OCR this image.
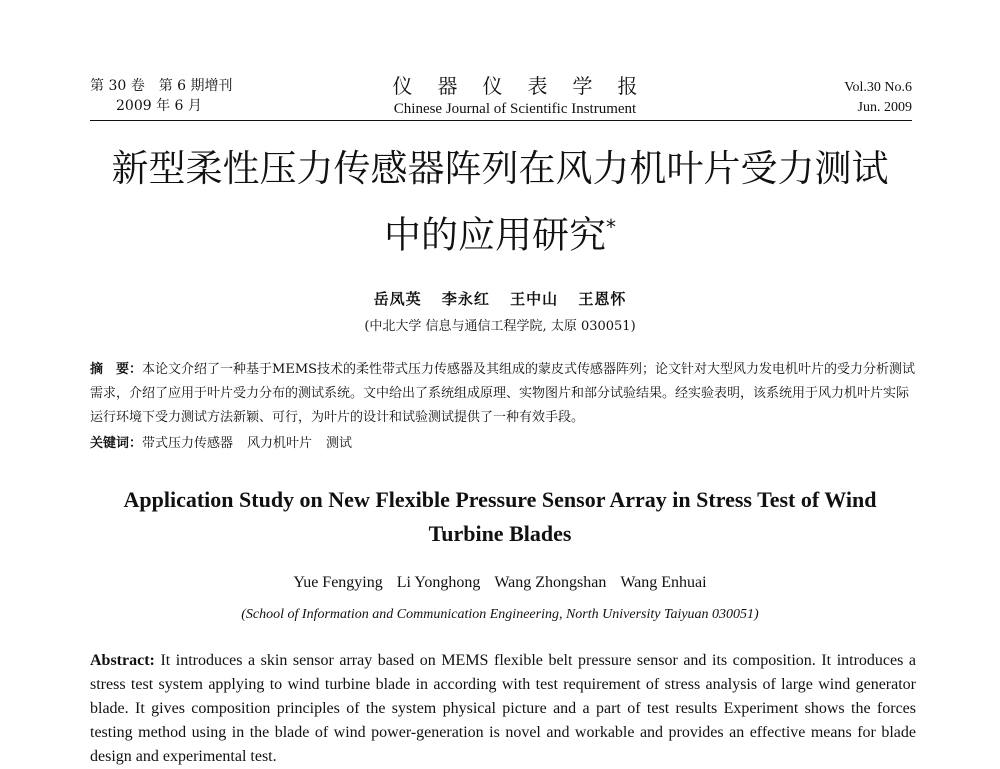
第 30 卷　第 6 期增刊
2009 年 6 月
仪器仪表学报
Chinese Journal of Scientific Instrument
Vol.30 No.6
Jun. 2009
新型柔性压力传感器阵列在风力机叶片受力测试
中的应用研究*
岳凤英 李永红 王中山 王恩怀
(中北大学 信息与通信工程学院, 太原 030051)
摘　要：本论文介绍了一种基于MEMS技术的柔性带式压力传感器及其组成的蒙皮式传感器阵列；论文针对大型风力发电机叶片的受力分析测试需求，介绍了应用于叶片受力分布的测试系统。文中给出了系统组成原理、实物图片和部分试验结果。经实验表明，该系统用于风力机叶片实际运行环境下受力测试方法新颖、可行，为叶片的设计和试验测试提供了一种有效手段。
关键词：带式压力传感器 风力机叶片 测试
Application Study on New Flexible Pressure Sensor Array in Stress Test of Wind
Turbine Blades
Yue Fengying Li Yonghong Wang Zhongshan Wang Enhuai
(School of Information and Communication Engineering, North University Taiyuan 030051)
Abstract: It introduces a skin sensor array based on MEMS flexible belt pressure sensor and its composition. It introduces a stress test system applying to wind turbine blade in according with test requirement of stress analysis of large wind generator blade. It gives composition principles of the system physical picture and a part of test results Experiment shows the forces testing method using in the blade of wind power-generation is novel and workable and provides an effective means for blade design and experimental test.
